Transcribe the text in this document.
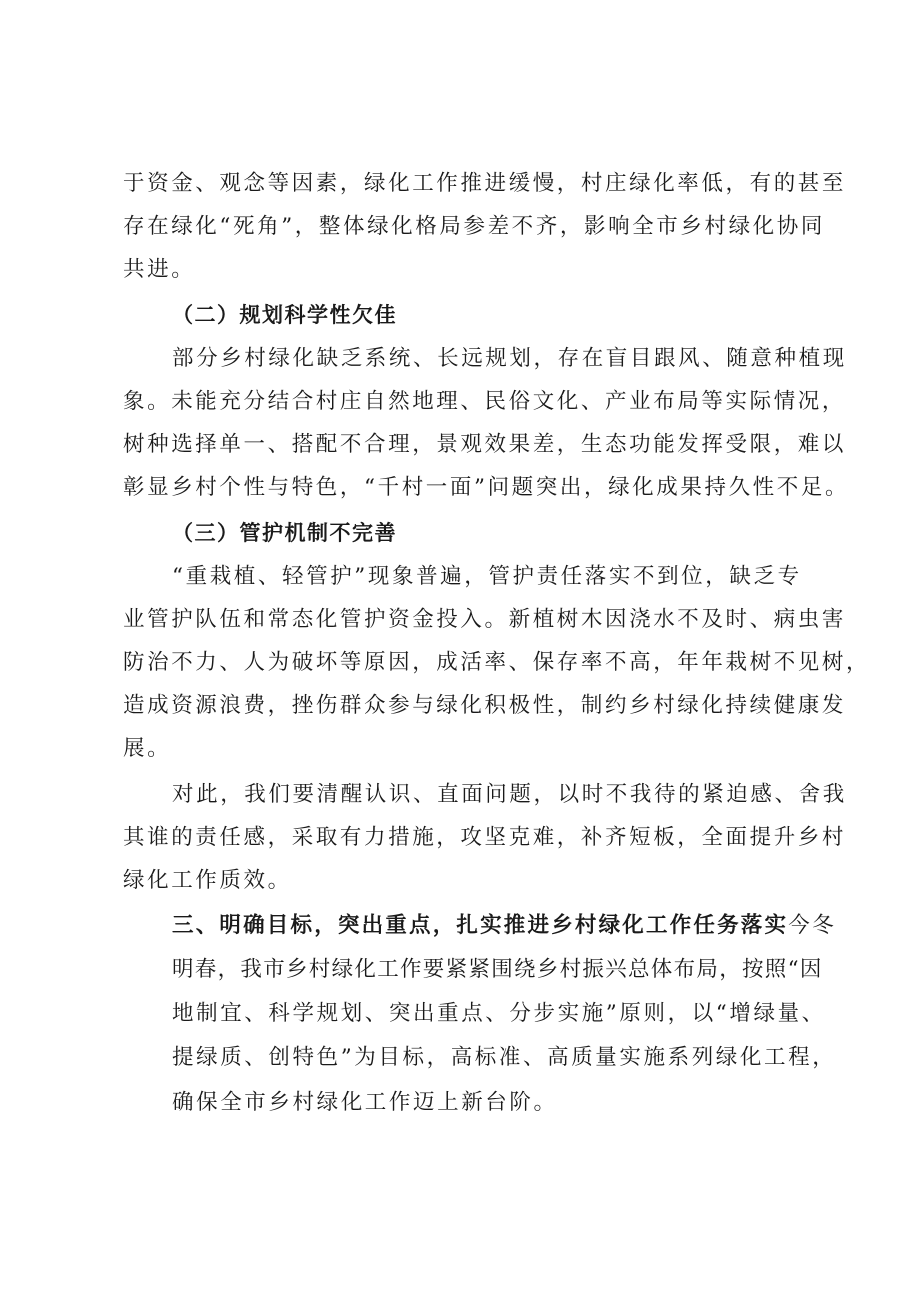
于资金、观念等因素，绿化工作推进缓慢，村庄绿化率低，有的甚至
存在绿化“死角”，整体绿化格局参差不齐，影响全市乡村绿化协同
共进。
（二）规划科学性欠佳
部分乡村绿化缺乏系统、长远规划，存在盲目跟风、随意种植现
象。未能充分结合村庄自然地理、民俗文化、产业布局等实际情况，
树种选择单一、搭配不合理，景观效果差，生态功能发挥受限，难以
彰显乡村个性与特色，“千村一面”问题突出，绿化成果持久性不足。
（三）管护机制不完善
“重栽植、轻管护”现象普遍，管护责任落实不到位，缺乏专
业管护队伍和常态化管护资金投入。新植树木因浇水不及时、病虫害
防治不力、人为破坏等原因，成活率、保存率不高，年年栽树不见树，
造成资源浪费，挫伤群众参与绿化积极性，制约乡村绿化持续健康发
展。
对此，我们要清醒认识、直面问题，以时不我待的紧迫感、舍我
其谁的责任感，采取有力措施，攻坚克难，补齐短板，全面提升乡村
绿化工作质效。
三、明确目标，突出重点，扎实推进乡村绿化工作任务落实今冬
明春，我市乡村绿化工作要紧紧围绕乡村振兴总体布局，按照“因
地制宜、科学规划、突出重点、分步实施”原则，以“增绿量、
提绿质、创特色”为目标，高标准、高质量实施系列绿化工程，
确保全市乡村绿化工作迈上新台阶。
